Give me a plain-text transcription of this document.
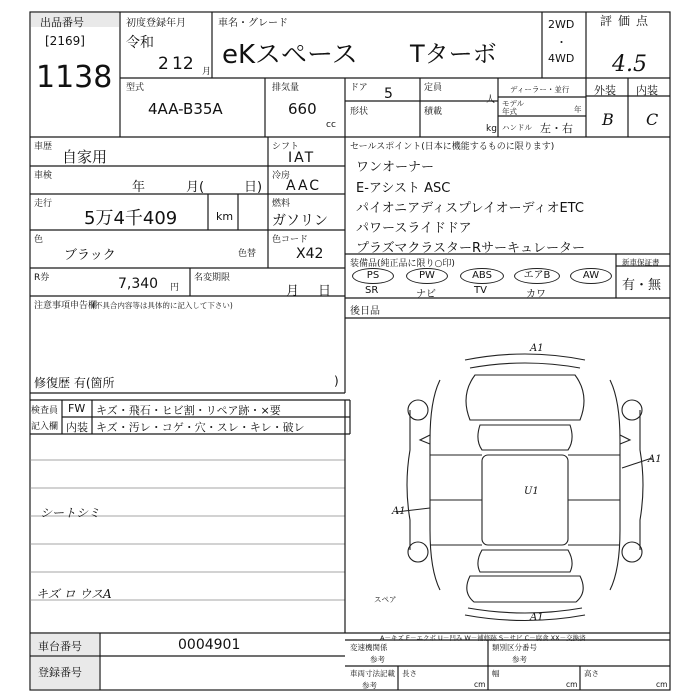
出品番号
[2169]
1138
初度登録年月
令和
2 12 月
車名・グレード
eKスペース Tターボ
2WD
・
4WD
評価点
4.5
型式
4AA-B35A
排気量
660
cc
ドア 5
形状
定員
人
積載
kg
ディーラー・並行
モデル年式	年
ハンドル 左・右
外装 内装
B C
車歴
自家用
車検
年	月(	日)
走行
5万4千409	km
色
ブラック	色替
R券	7,340 円
名変期限
月 日
シフト
IAT
冷房
AAC
燃料
ガソリン
色コード
X42
セールスポイント(日本に機能するものに限ります)
ワンオーナー
E-アシスト ASC
パイオニアディスプレイオーディオETC
パワースライドドア
プラズマクラスターRサーキュレーター
装備品(純正品に限り○印)	新車保証書
有・無
PS
SR
PW
ナビ
ABS
TV
エアB
カワ
AW
後日品
注意事項申告欄
(不具合内容等は具体的に記入して下さい)
修復歴 有(箇所	)
検査員
記入欄
FW キズ・飛石・ヒビ割・リペア跡・×要
内装 キズ・汚レ・コゲ・穴・スレ・キレ・破レ
シートシミ
キズ ロ ウスA
A1
A1
A1
U1
A1
スペア
A－キズ E－エクボ U－凹み W－補修跡 S－サビ C－腐食 XX－交換済
車台番号	0004901
登録番号
変速機関係
参考
類別区分番号
参考
車両寸法記載
参考
長さ
cm
幅
cm
高さ
cm
